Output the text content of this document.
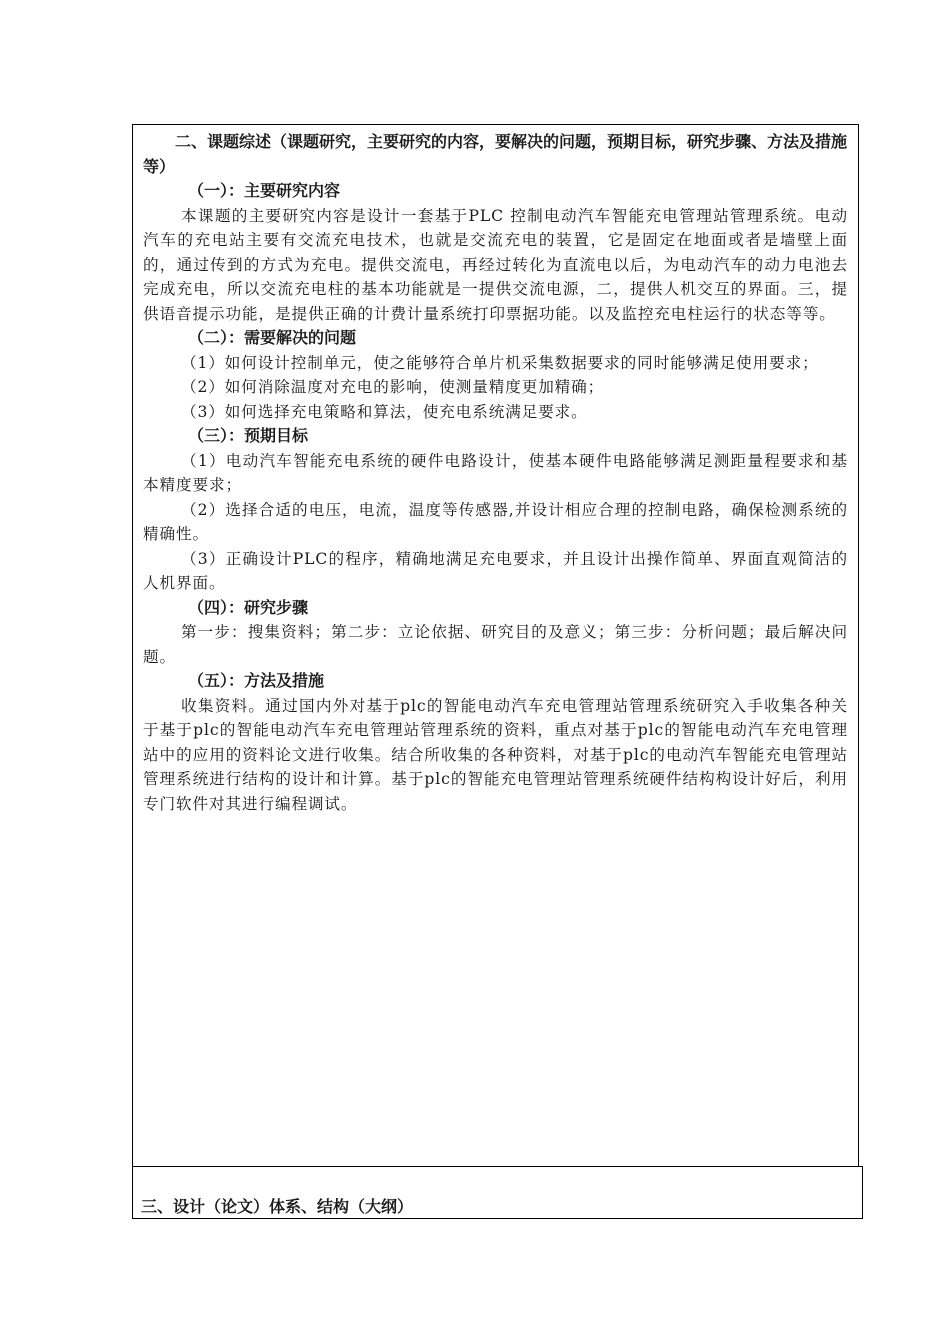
二、课题综述（课题研究，主要研究的内容，要解决的问题，预期目标，研究步骤、方法及措施等）

（一）：主要研究内容

本课题的主要研究内容是设计一套基于PLC 控制电动汽车智能充电管理站管理系统。电动汽车的充电站主要有交流充电技术，也就是交流充电的装置，它是固定在地面或者是墙壁上面的，通过传到的方式为充电。提供交流电，再经过转化为直流电以后，为电动汽车的动力电池去完成充电，所以交流充电柱的基本功能就是一提供交流电源，二，提供人机交互的界面。三，提供语音提示功能，是提供正确的计费计量系统打印票据功能。以及监控充电柱运行的状态等等。

（二）：需要解决的问题

（1）如何设计控制单元，使之能够符合单片机采集数据要求的同时能够满足使用要求；

（2）如何消除温度对充电的影响，使测量精度更加精确；

（3）如何选择充电策略和算法，使充电系统满足要求。

（三）：预期目标

（1）电动汽车智能充电系统的硬件电路设计，使基本硬件电路能够满足测距量程要求和基本精度要求；

（2）选择合适的电压，电流，温度等传感器,并设计相应合理的控制电路，确保检测系统的精确性。

（3）正确设计PLC的程序，精确地满足充电要求，并且设计出操作简单、界面直观简洁的人机界面。

（四）：研究步骤

第一步：搜集资料；第二步：立论依据、研究目的及意义；第三步：分析问题；最后解决问题。

（五）：方法及措施

收集资料。通过国内外对基于plc的智能电动汽车充电管理站管理系统研究入手收集各种关于基于plc的智能电动汽车充电管理站管理系统的资料，重点对基于plc的智能电动汽车充电管理站中的应用的资料论文进行收集。结合所收集的各种资料，对基于plc的电动汽车智能充电管理站管理系统进行结构的设计和计算。基于plc的智能充电管理站管理系统硬件结构构设计好后，利用专门软件对其进行编程调试。

三、设计（论文）体系、结构（大纲）
